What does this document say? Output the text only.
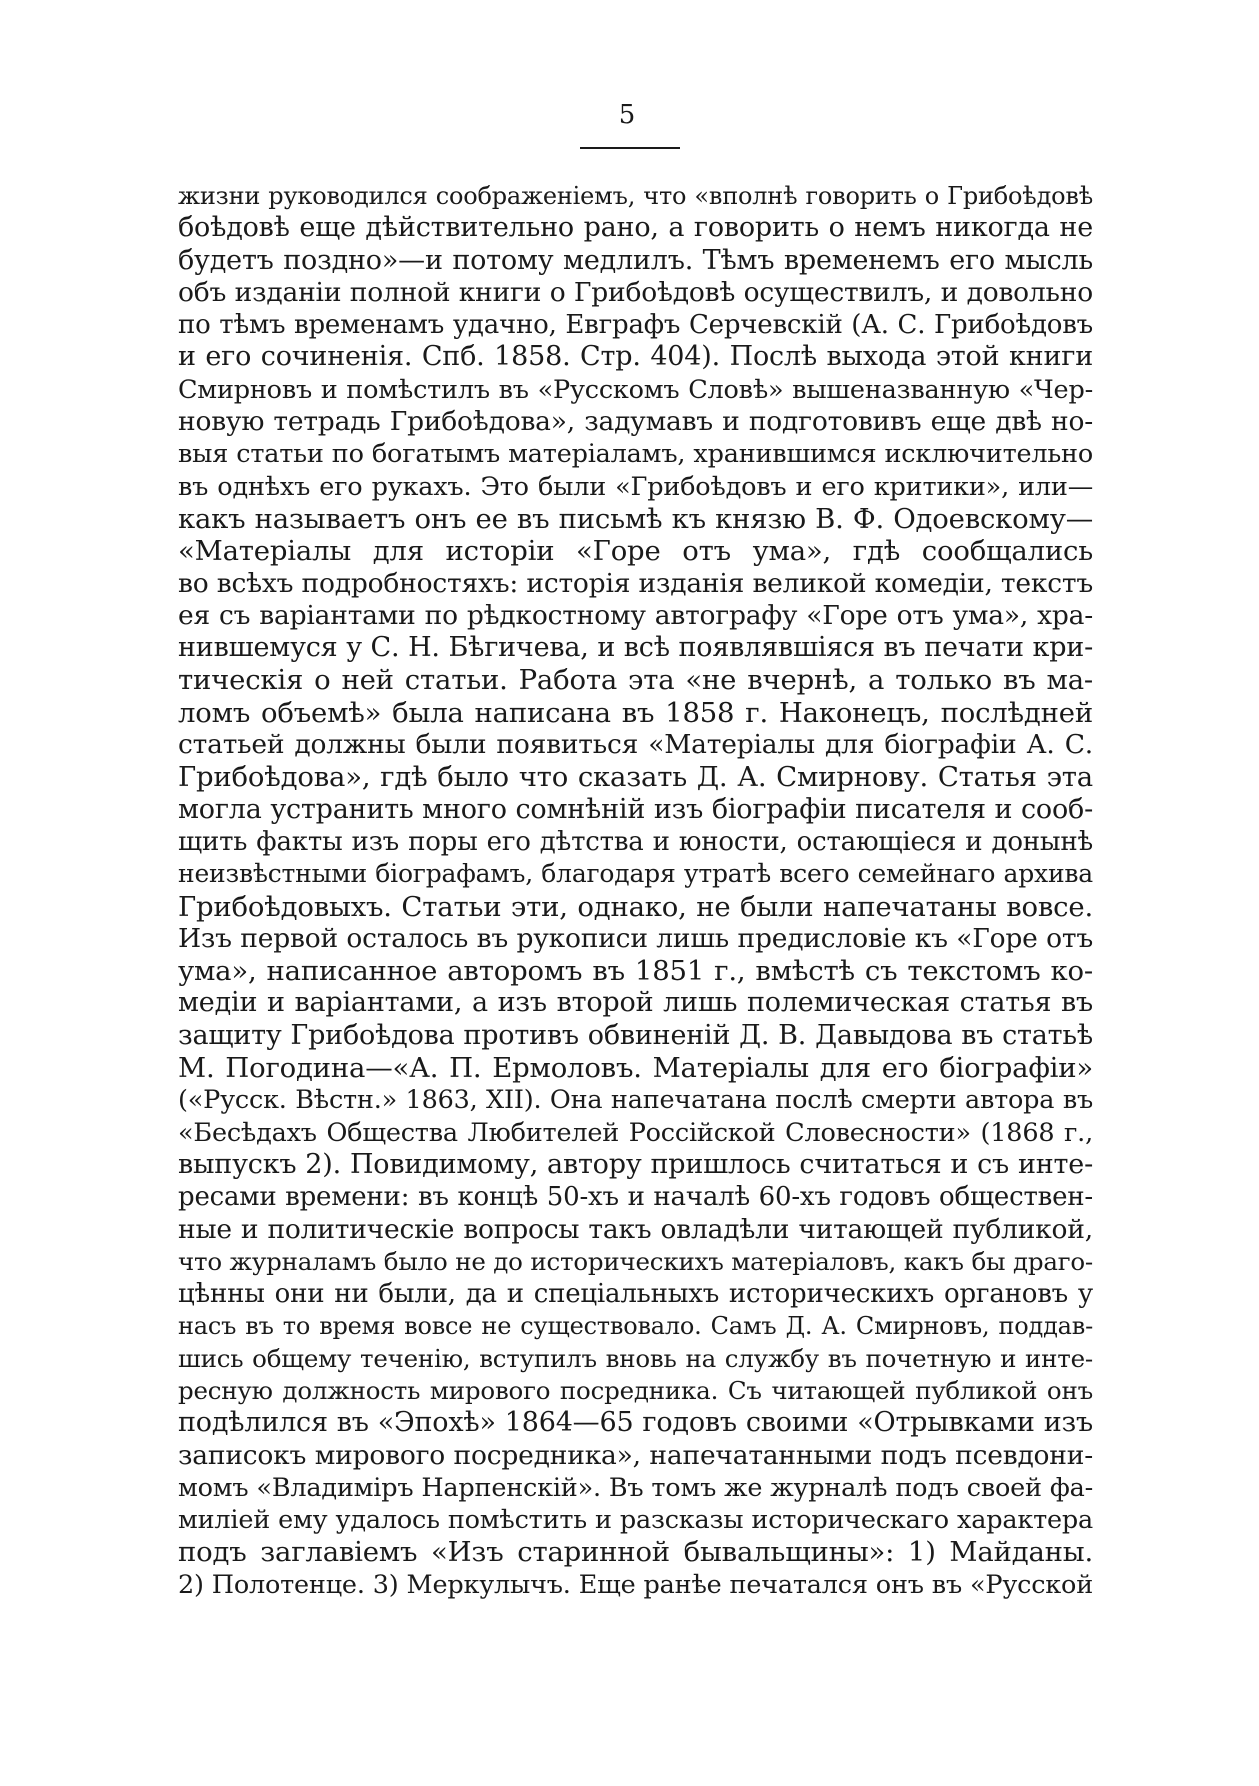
5
жизни руководился соображеніемъ, что «вполнѣ говорить о Грибоѣдовѣ
боѣдовѣ еще дѣйствительно рано, а говорить о немъ никогда не
будетъ поздно»—и потому медлилъ. Тѣмъ временемъ его мысль
объ изданіи полной книги о Грибоѣдовѣ осуществилъ, и довольно
по тѣмъ временамъ удачно, Евграфъ Серчевскій (А. С. Грибоѣдовъ
и его сочиненія. Спб. 1858. Стр. 404). Послѣ выхода этой книги
Смирновъ и помѣстилъ въ «Русскомъ Словѣ» вышеназванную «Чер-
новую тетрадь Грибоѣдова», задумавъ и подготовивъ еще двѣ но-
выя статьи по богатымъ матеріаламъ, хранившимся исключительно
въ однѣхъ его рукахъ. Это были «Грибоѣдовъ и его критики», или—
какъ называетъ онъ ее въ письмѣ къ князю В. Ф. Одоевскому—
«Матеріалы для исторіи «Горе отъ ума», гдѣ сообщались
во всѣхъ подробностяхъ: исторія изданія великой комедіи, текстъ
ея съ варіантами по рѣдкостному автографу «Горе отъ ума», хра-
нившемуся у С. Н. Бѣгичева, и всѣ появлявшіяся въ печати кри-
тическія о ней статьи. Работа эта «не вчернѣ, а только въ ма-
ломъ объемѣ» была написана въ 1858 г. Наконецъ, послѣдней
статьей должны были появиться «Матеріалы для біографіи А. С.
Грибоѣдова», гдѣ было что сказать Д. А. Смирнову. Статья эта
могла устранить много сомнѣній изъ біографіи писателя и сооб-
щить факты изъ поры его дѣтства и юности, остающіеся и донынѣ
неизвѣстными біографамъ, благодаря утратѣ всего семейнаго архива
Грибоѣдовыхъ. Статьи эти, однако, не были напечатаны вовсе.
Изъ первой осталось въ рукописи лишь предисловіе къ «Горе отъ
ума», написанное авторомъ въ 1851 г., вмѣстѣ съ текстомъ ко-
медіи и варіантами, а изъ второй лишь полемическая статья въ
защиту Грибоѣдова противъ обвиненій Д. В. Давыдова въ статьѣ
М. Погодина—«А. П. Ермоловъ. Матеріалы для его біографіи»
(«Русск. Вѣстн.» 1863, XII). Она напечатана послѣ смерти автора въ
«Бесѣдахъ Общества Любителей Россійской Словесности» (1868 г.,
выпускъ 2). Повидимому, автору пришлось считаться и съ инте-
ресами времени: въ концѣ 50-хъ и началѣ 60-хъ годовъ обществен-
ные и политическіе вопросы такъ овладѣли читающей публикой,
что журналамъ было не до историческихъ матеріаловъ, какъ бы драго-
цѣнны они ни были, да и спеціальныхъ историческихъ органовъ у
насъ въ то время вовсе не существовало. Самъ Д. А. Смирновъ, поддав-
шись общему теченію, вступилъ вновь на службу въ почетную и инте-
ресную должность мирового посредника. Съ читающей публикой онъ
подѣлился въ «Эпохѣ» 1864—65 годовъ своими «Отрывками изъ
записокъ мирового посредника», напечатанными подъ псевдони-
момъ «Владиміръ Нарпенскій». Въ томъ же журналѣ подъ своей фа-
миліей ему удалось помѣстить и разсказы историческаго характера
подъ заглавіемъ «Изъ старинной бывальщины»: 1) Майданы.
2) Полотенце. 3) Меркулычъ. Еще ранѣе печатался онъ въ «Русской
